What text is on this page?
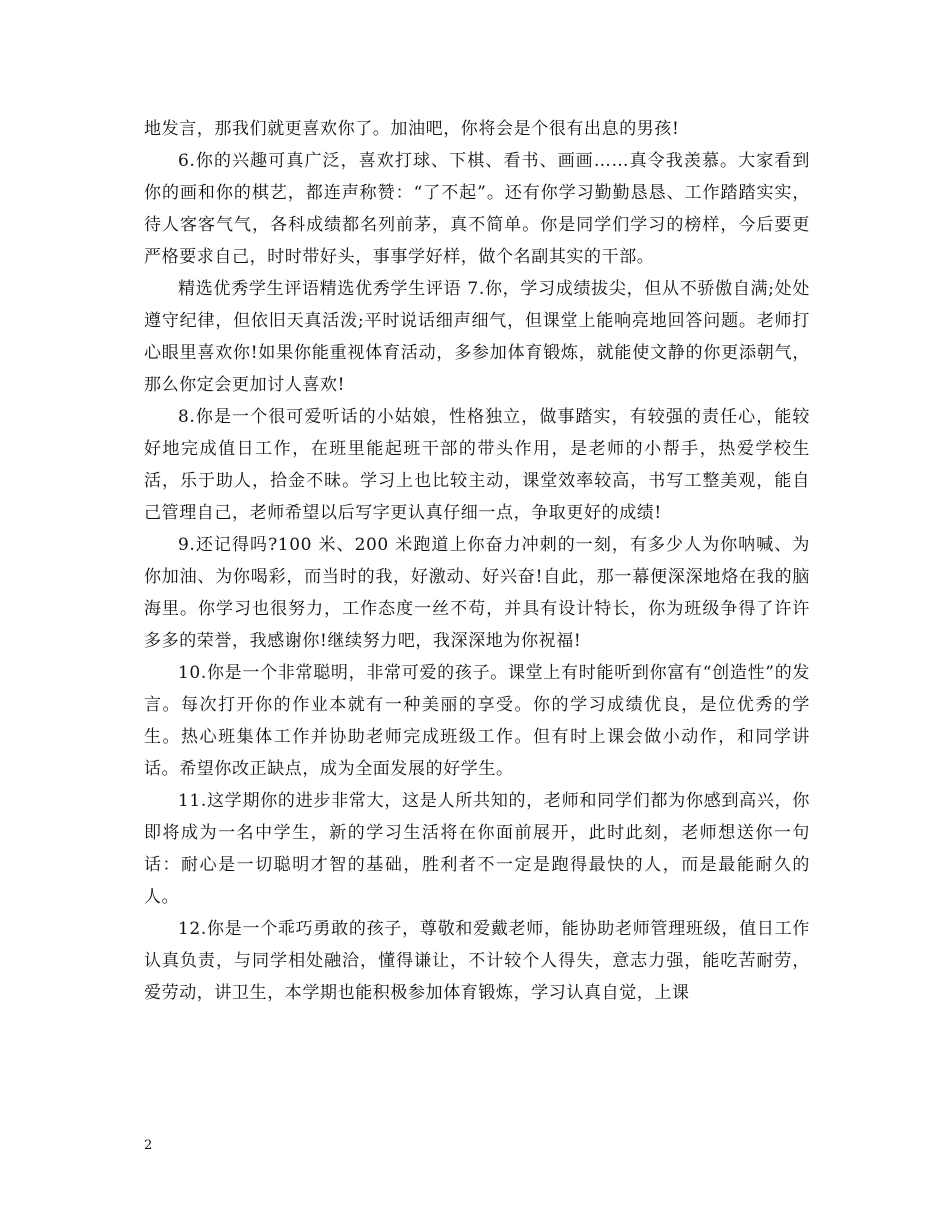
地发言，那我们就更喜欢你了。加油吧，你将会是个很有出息的男孩!

6.你的兴趣可真广泛，喜欢打球、下棋、看书、画画……真令我羡慕。大家看到你的画和你的棋艺，都连声称赞：“了不起”。还有你学习勤勤恳恳、工作踏踏实实，待人客客气气，各科成绩都名列前茅，真不简单。你是同学们学习的榜样，今后要更严格要求自己，时时带好头，事事学好样，做个名副其实的干部。

精选优秀学生评语精选优秀学生评语 7.你，学习成绩拔尖，但从不骄傲自满;处处遵守纪律，但依旧天真活泼;平时说话细声细气，但课堂上能响亮地回答问题。老师打心眼里喜欢你!如果你能重视体育活动，多参加体育锻炼，就能使文静的你更添朝气，那么你定会更加讨人喜欢!

8.你是一个很可爱听话的小姑娘，性格独立，做事踏实，有较强的责任心，能较好地完成值日工作，在班里能起班干部的带头作用，是老师的小帮手，热爱学校生活，乐于助人，拾金不昧。学习上也比较主动，课堂效率较高，书写工整美观，能自己管理自己，老师希望以后写字更认真仔细一点，争取更好的成绩!

9.还记得吗?100 米、200 米跑道上你奋力冲刺的一刻，有多少人为你呐喊、为你加油、为你喝彩，而当时的我，好激动、好兴奋!自此，那一幕便深深地烙在我的脑海里。你学习也很努力，工作态度一丝不苟，并具有设计特长，你为班级争得了许许多多的荣誉，我感谢你!继续努力吧，我深深地为你祝福!

10.你是一个非常聪明，非常可爱的孩子。课堂上有时能听到你富有“创造性”的发言。每次打开你的作业本就有一种美丽的享受。你的学习成绩优良，是位优秀的学生。热心班集体工作并协助老师完成班级工作。但有时上课会做小动作，和同学讲话。希望你改正缺点，成为全面发展的好学生。

11.这学期你的进步非常大，这是人所共知的，老师和同学们都为你感到高兴，你即将成为一名中学生，新的学习生活将在你面前展开，此时此刻，老师想送你一句话：耐心是一切聪明才智的基础，胜利者不一定是跑得最快的人，而是最能耐久的人。

12.你是一个乖巧勇敢的孩子，尊敬和爱戴老师，能协助老师管理班级，值日工作认真负责，与同学相处融洽，懂得谦让，不计较个人得失，意志力强，能吃苦耐劳，爱劳动，讲卫生，本学期也能积极参加体育锻炼，学习认真自觉，上课

2
